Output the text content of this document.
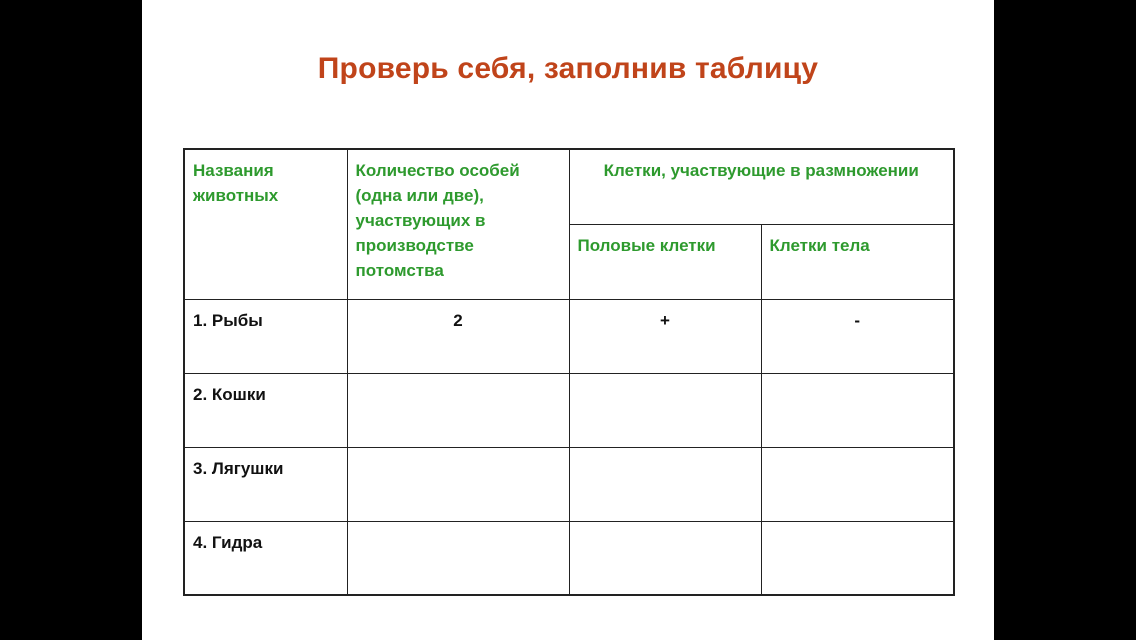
Проверь себя, заполнив таблицу
Названия животных	Количество особей (одна или две), участвующих в производстве потомства	Клетки, участвующие в размножении	
		Половые клетки	Клетки тела
1. Рыбы	2	+	-
2. Кошки			
3. Лягушки			
4. Гидра			
